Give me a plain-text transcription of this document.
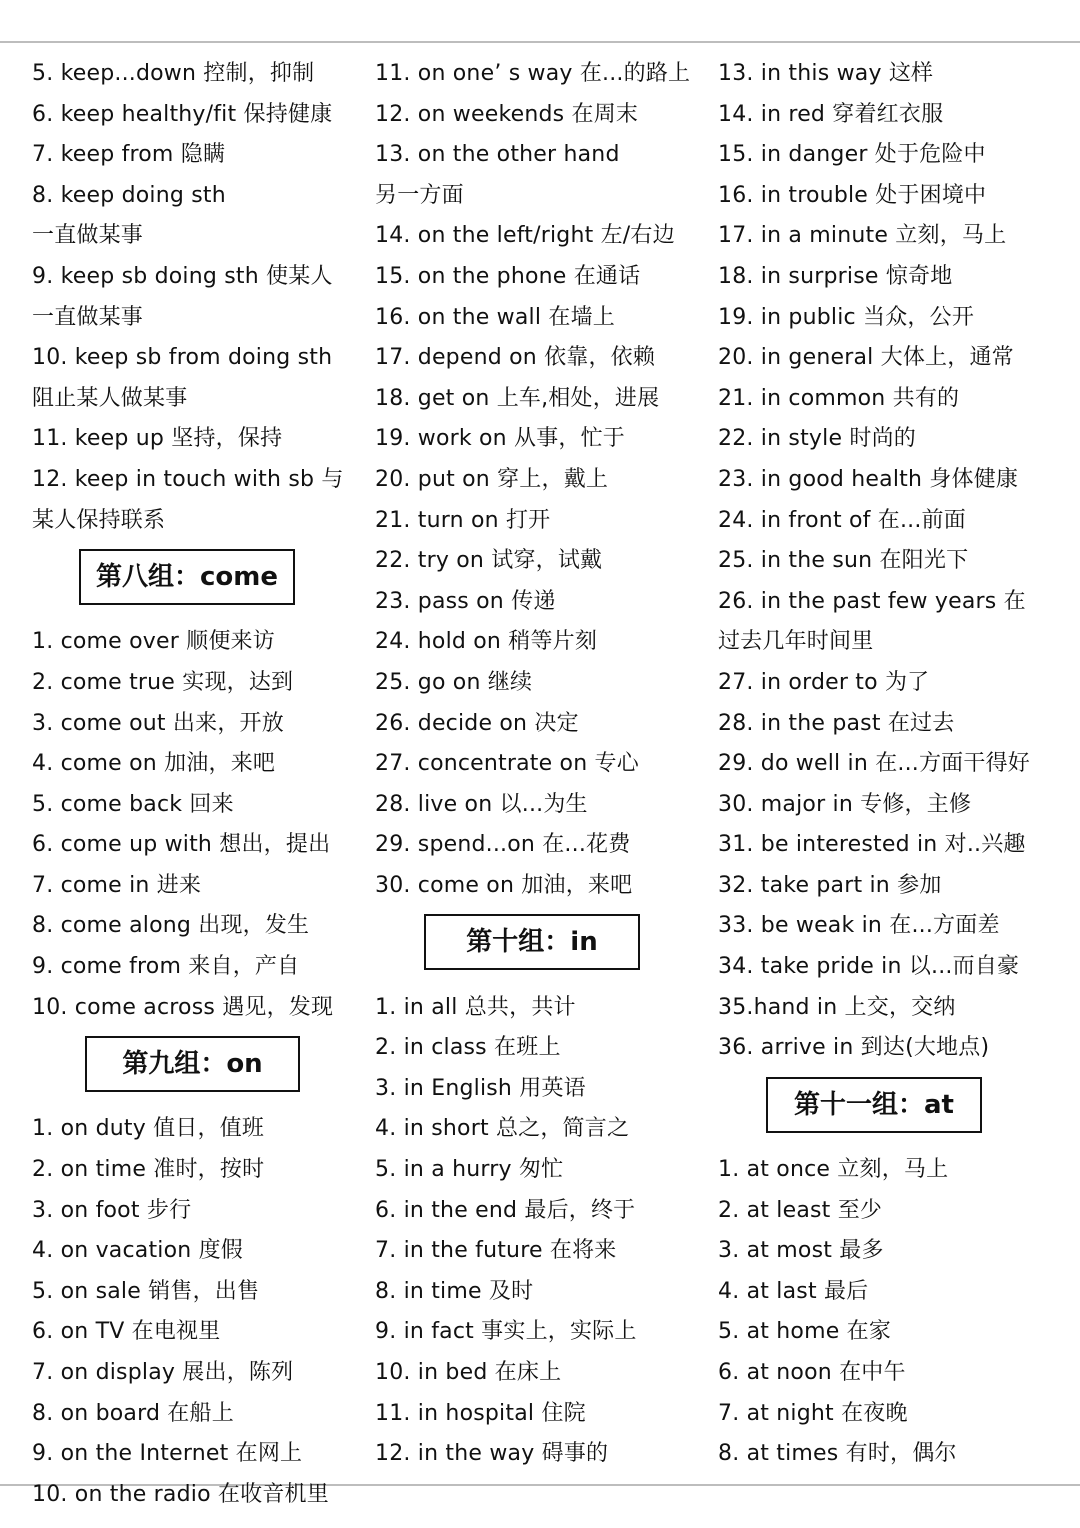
5. keep...down 控制，抑制
6. keep healthy/fit 保持健康
7. keep from 隐瞒
8. keep doing sth
一直做某事
9. keep sb doing sth 使某人
一直做某事
10. keep sb from doing sth
阻止某人做某事
11. keep up 坚持，保持
12. keep in touch with sb 与
某人保持联系
第八组：come
1. come over 顺便来访
2. come true 实现，达到
3. come out 出来，开放
4. come on 加油，来吧
5. come back 回来
6. come up with 想出，提出
7. come in 进来
8. come along 出现，发生
9. come from 来自，产自
10. come across 遇见，发现
第九组：on
1. on duty 值日，值班
2. on time 准时，按时
3. on foot 步行
4. on vacation 度假
5. on sale 销售，出售
6. on TV 在电视里
7. on display 展出，陈列
8. on board 在船上
9. on the Internet 在网上
10. on the radio 在收音机里
11. on one’ s way 在...的路上
12. on weekends 在周末
13. on the other hand
另一方面
14. on the left/right 左/右边
15. on the phone 在通话
16. on the wall 在墙上
17. depend on 依靠，依赖
18. get on 上车,相处，进展
19. work on 从事，忙于
20. put on 穿上，戴上
21. turn on 打开
22. try on 试穿，试戴
23. pass on 传递
24. hold on 稍等片刻
25. go on 继续
26. decide on 决定
27. concentrate on 专心
28. live on 以...为生
29. spend...on 在...花费
30. come on 加油，来吧
第十组：in
1. in all 总共，共计
2. in class 在班上
3. in English 用英语
4. in short 总之，简言之
5. in a hurry 匆忙
6. in the end 最后，终于
7. in the future 在将来
8. in time 及时
9. in fact 事实上，实际上
10. in bed 在床上
11. in hospital 住院
12. in the way 碍事的
13. in this way 这样
14. in red 穿着红衣服
15. in danger 处于危险中
16. in trouble 处于困境中
17. in a minute 立刻，马上
18. in surprise 惊奇地
19. in public 当众，公开
20. in general 大体上，通常
21. in common 共有的
22. in style 时尚的
23. in good health 身体健康
24. in front of 在...前面
25. in the sun 在阳光下
26. in the past few years 在
过去几年时间里
27. in order to 为了
28. in the past 在过去
29. do well in 在...方面干得好
30. major in 专修，主修
31. be interested in 对..兴趣
32. take part in 参加
33. be weak in 在...方面差
34. take pride in 以...而自豪
35.hand in 上交，交纳
36. arrive in 到达(大地点)
第十一组：at
1. at once 立刻，马上
2. at least 至少
3. at most 最多
4. at last 最后
5. at home 在家
6. at noon 在中午
7. at night 在夜晚
8. at times 有时，偶尔
